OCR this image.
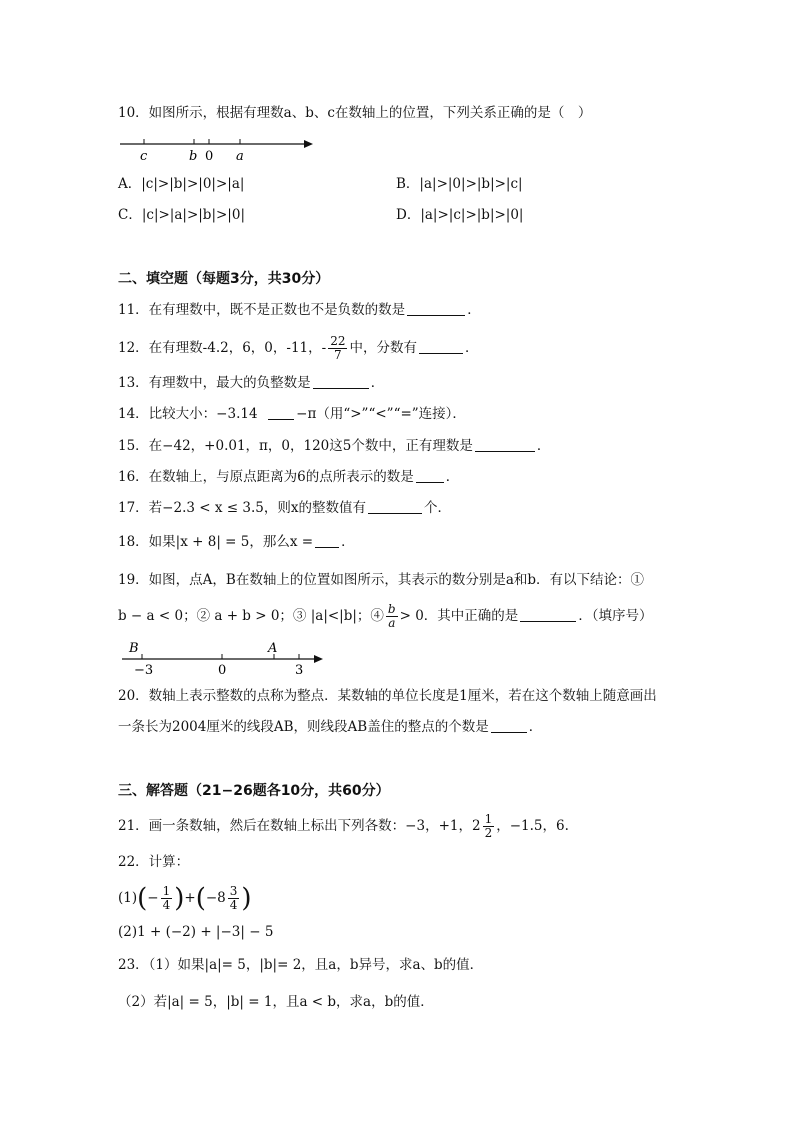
10．如图所示，根据有理数a、b、c在数轴上的位置，下列关系正确的是（　）
c	b 0 a
A．|c|>|b|>|0|>|a|	B．|a|>|0|>|b|>|c|
C．|c|>|a|>|b|>|0|	D．|a|>|c|>|b|>|0|
二、填空题（每题3分，共30分）
11．在有理数中，既不是正数也不是负数的数是	．
12．在有理数-4.2，6，0，-11，- $\frac{22}{7}$ 中，分数有	．
13．有理数中，最大的负整数是	．
14．比较大小：−3.14	−π（用“>”“<”“=”连接）．
15．在−42，+0.01，π，0，120这5个数中，正有理数是	．
16．在数轴上，与原点距离为6的点所表示的数是 ．
17．若−2.3 < x ≤ 3.5，则x的整数值有	个．
18．如果|x + 8| = 5，那么x = ．
19．如图，点A，B在数轴上的位置如图所示，其表示的数分别是a和b．有以下结论：①
b − a < 0；② a + b > 0；③ |a|<|b|；④ $\frac{b}{a} > 0$．其中正确的是	．（填序号）
B	A
−3	0	3
20．数轴上表示整数的点称为整点．某数轴的单位长度是1厘米，若在这个数轴上随意画出
一条长为2004厘米的线段AB，则线段AB盖住的整点的个数是	．
三、解答题（21−26题各10分，共60分）
21．画一条数轴，然后在数轴上标出下列各数：−3，+1，$2 \frac{1}{2}$ ，−1.5，6.
22．计算：
$(1)(- \frac{1}{4} )+(-8 \frac{3}{4}$ )
(2)1 + (−2) + |−3| − 5
23．（1）如果|a|= 5，|b|= 2，且a，b异号，求a、b的值．
（2）若|a| = 5，|b| = 1，且a < b，求a，b的值．
